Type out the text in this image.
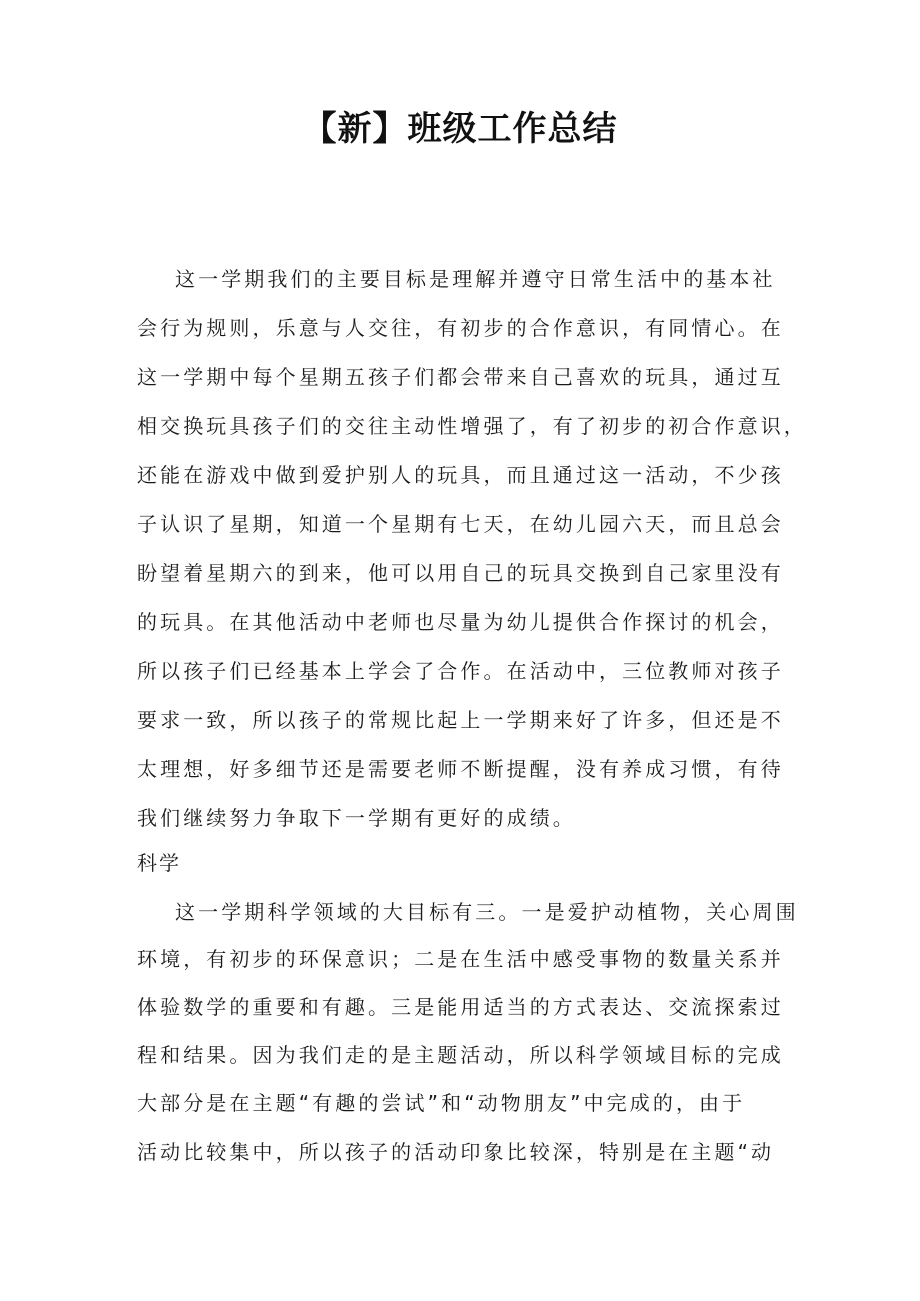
【新】班级工作总结
这一学期我们的主要目标是理解并遵守日常生活中的基本社
会行为规则，乐意与人交往，有初步的合作意识，有同情心。在
这一学期中每个星期五孩子们都会带来自己喜欢的玩具，通过互
相交换玩具孩子们的交往主动性增强了，有了初步的初合作意识，
还能在游戏中做到爱护别人的玩具，而且通过这一活动，不少孩
子认识了星期，知道一个星期有七天，在幼儿园六天，而且总会
盼望着星期六的到来，他可以用自己的玩具交换到自己家里没有
的玩具。在其他活动中老师也尽量为幼儿提供合作探讨的机会，
所以孩子们已经基本上学会了合作。在活动中，三位教师对孩子
要求一致，所以孩子的常规比起上一学期来好了许多，但还是不
太理想，好多细节还是需要老师不断提醒，没有养成习惯，有待
我们继续努力争取下一学期有更好的成绩。
科学
这一学期科学领域的大目标有三。一是爱护动植物，关心周围
环境，有初步的环保意识；二是在生活中感受事物的数量关系并
体验数学的重要和有趣。三是能用适当的方式表达、交流探索过
程和结果。因为我们走的是主题活动，所以科学领域目标的完成
大部分是在主题“有趣的尝试”和“动物朋友”中完成的，由于
活动比较集中，所以孩子的活动印象比较深，特别是在主题“动
